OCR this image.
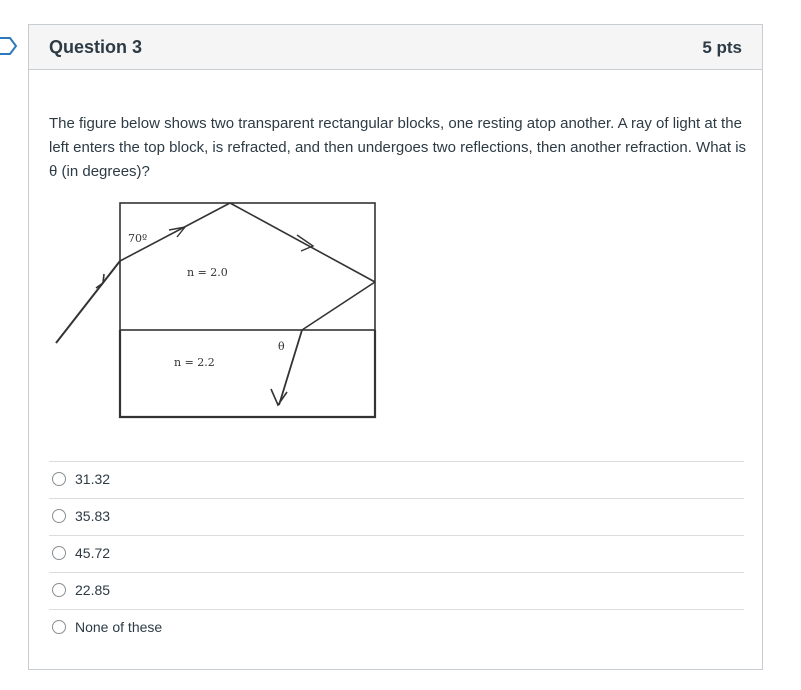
Question 3	5 pts

The figure below shows two transparent rectangular blocks, one resting atop another. A ray of light at the left enters the top block, is refracted, and then undergoes two reflections, then another refraction. What is θ (in degrees)?

70º
n = 2.0
n = 2.2
θ
31.32
35.83
45.72
22.85
None of these
